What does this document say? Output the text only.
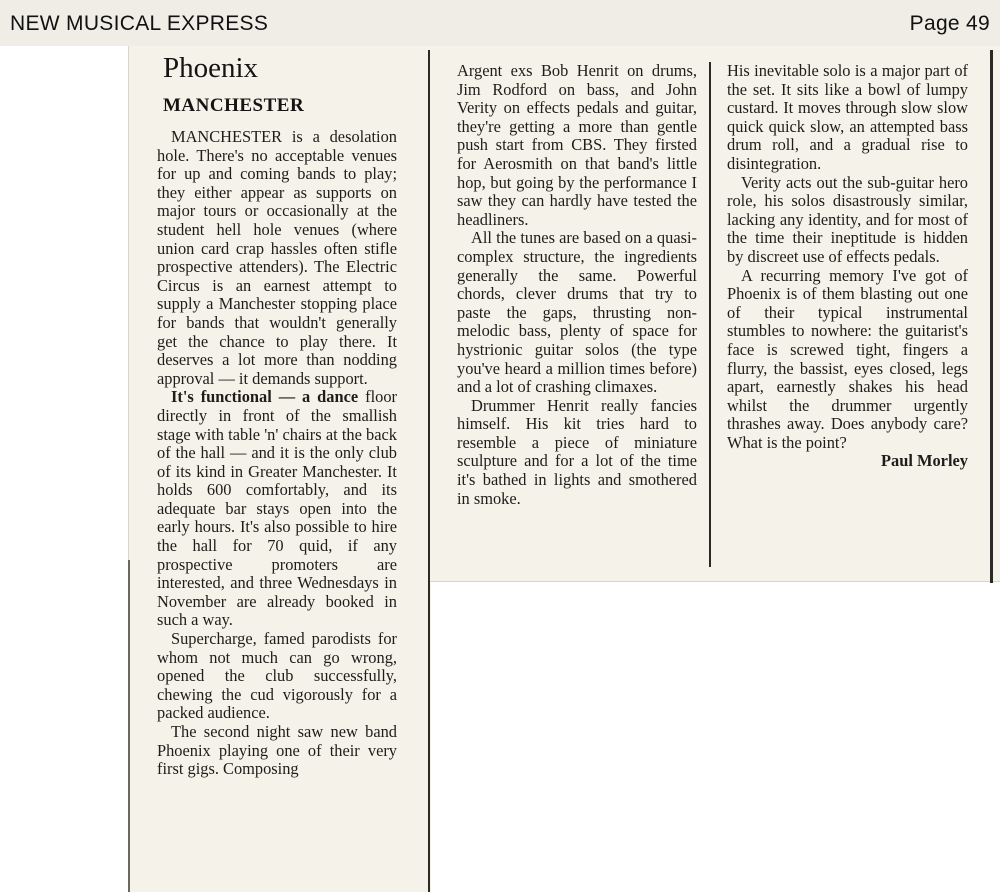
NEW MUSICAL EXPRESS	Page 49
Phoenix
MANCHESTER

MANCHESTER is a desolation hole. There's no acceptable venues for up and coming bands to play; they either appear as supports on major tours or occasionally at the student hell hole venues (where union card crap hassles often stifle prospective attenders). The Electric Circus is an earnest attempt to supply a Manchester stopping place for bands that wouldn't generally get the chance to play there. It deserves a lot more than nodding approval — it demands support.

It's functional — a dance floor directly in front of the smallish stage with table 'n' chairs at the back of the hall — and it is the only club of its kind in Greater Manchester. It holds 600 comfortably, and its adequate bar stays open into the early hours. It's also possible to hire the hall for 70 quid, if any prospective promoters are interested, and three Wednesdays in November are already booked in such a way.

Supercharge, famed parodists for whom not much can go wrong, opened the club successfully, chewing the cud vigorously for a packed audience.

The second night saw new band Phoenix playing one of their very first gigs. Composing

Argent exs Bob Henrit on drums, Jim Rodford on bass, and John Verity on effects pedals and guitar, they're getting a more than gentle push start from CBS. They firsted for Aerosmith on that band's little hop, but going by the performance I saw they can hardly have tested the headliners.

All the tunes are based on a quasi-complex structure, the ingredients generally the same. Powerful chords, clever drums that try to paste the gaps, thrusting non-melodic bass, plenty of space for hystrionic guitar solos (the type you've heard a million times before) and a lot of crashing climaxes.

Drummer Henrit really fancies himself. His kit tries hard to resemble a piece of miniature sculpture and for a lot of the time it's bathed in lights and smothered in smoke.

His inevitable solo is a major part of the set. It sits like a bowl of lumpy custard. It moves through slow slow quick quick slow, an attempted bass drum roll, and a gradual rise to disintegration.

Verity acts out the sub-guitar hero role, his solos disastrously similar, lacking any identity, and for most of the time their ineptitude is hidden by discreet use of effects pedals.

A recurring memory I've got of Phoenix is of them blasting out one of their typical instrumental stumbles to nowhere: the guitarist's face is screwed tight, fingers a flurry, the bassist, eyes closed, legs apart, earnestly shakes his head whilst the drummer urgently thrashes away. Does anybody care? What is the point?

Paul Morley
